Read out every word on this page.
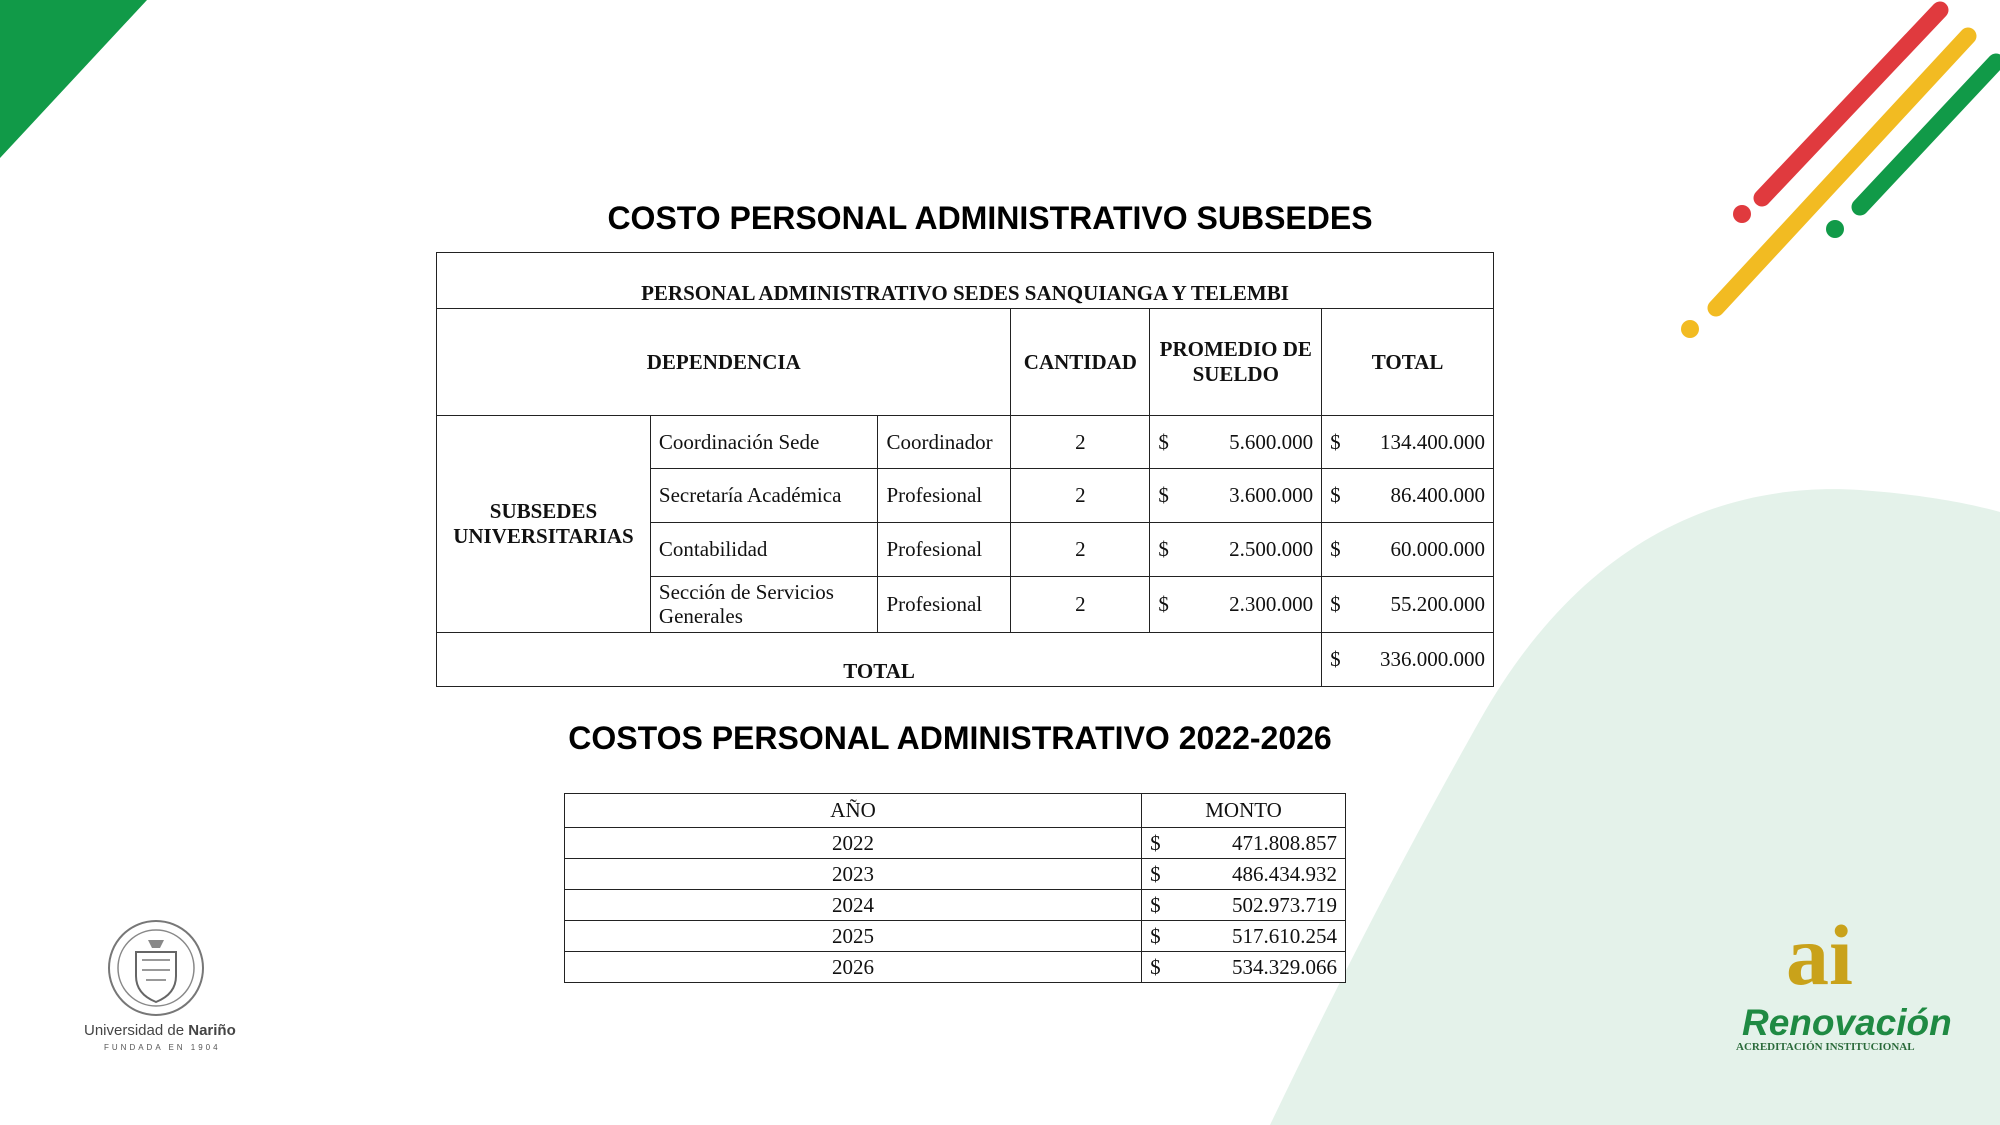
COSTO PERSONAL ADMINISTRATIVO SUBSEDES
PERSONAL ADMINISTRATIVO SEDES SANQUIANGA Y TELEMBI					
DEPENDENCIA			CANTIDAD	PROMEDIO DE SUELDO	TOTAL
SUBSEDES UNIVERSITARIAS	Coordinación Sede	Coordinador	2	$ 5.600.000	$ 134.400.000

	Secretaría Académica	Profesional	2	$ 3.600.000	$ 86.400.000

	Contabilidad	Profesional	2	$ 2.500.000	$ 60.000.000

	Sección de Servicios Generales	Profesional	2	$ 2.300.000	$ 55.200.000

TOTAL					$ 336.000.000
COSTOS PERSONAL ADMINISTRATIVO 2022-2026
AÑO	MONTO
2022	$ 471.808.857

2023	$ 486.434.932

2024	$ 502.973.719

2025	$ 517.610.254

2026	$ 534.329.066
Universidad de Nariño
FUNDADA EN 1904
ai
Renovación
ACREDITACIÓN INSTITUCIONAL
